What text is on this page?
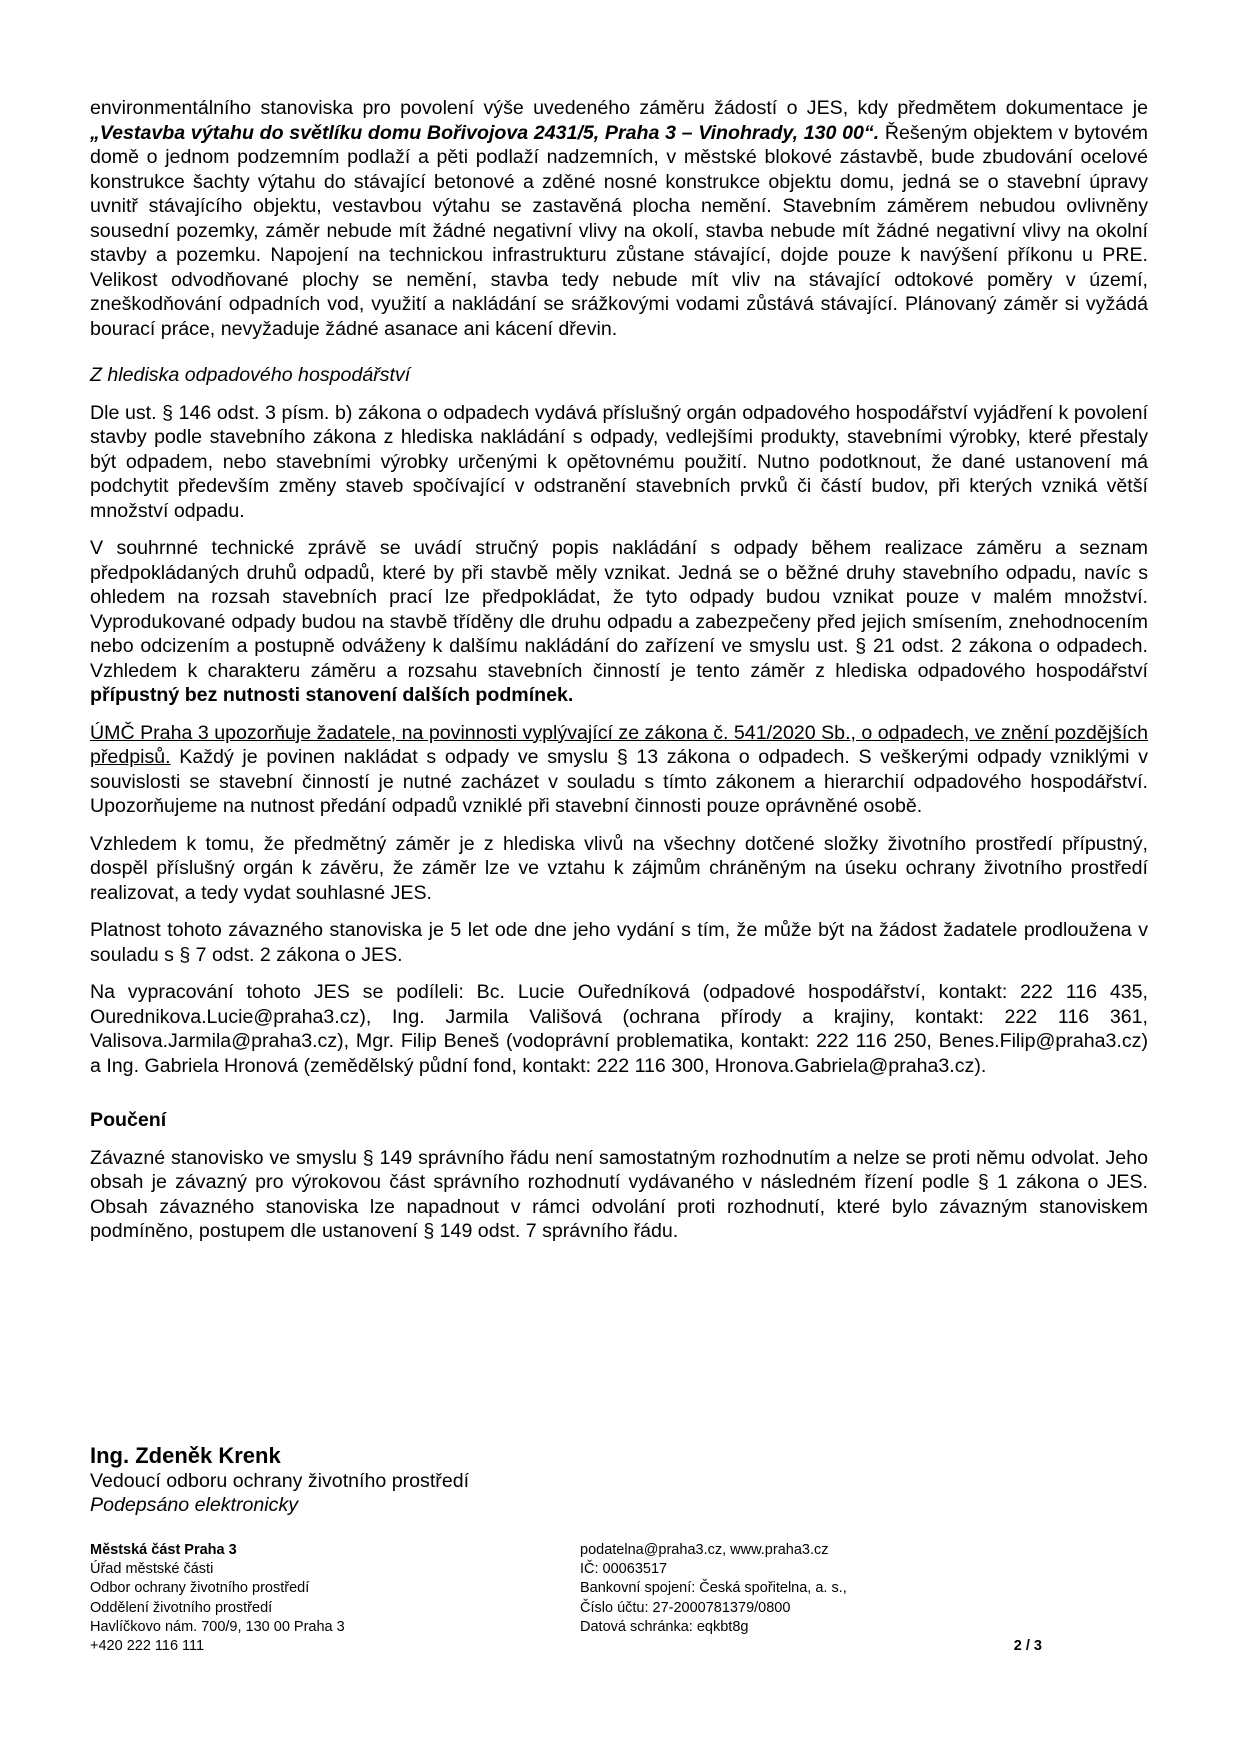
environmentálního stanoviska pro povolení výše uvedeného záměru žádostí o JES, kdy předmětem dokumentace je „Vestavba výtahu do světlíku domu Bořivojova 2431/5, Praha 3 – Vinohrady, 130 00“. Řešeným objektem v bytovém domě o jednom podzemním podlaží a pěti podlaží nadzemních, v městské blokové zástavbě, bude zbudování ocelové konstrukce šachty výtahu do stávající betonové a zděné nosné konstrukce objektu domu, jedná se o stavební úpravy uvnitř stávajícího objektu, vestavbou výtahu se zastavěná plocha nemění. Stavebním záměrem nebudou ovlivněny sousední pozemky, záměr nebude mít žádné negativní vlivy na okolí, stavba nebude mít žádné negativní vlivy na okolní stavby a pozemku. Napojení na technickou infrastrukturu zůstane stávající, dojde pouze k navýšení příkonu u PRE. Velikost odvodňované plochy se nemění, stavba tedy nebude mít vliv na stávající odtokové poměry v území, zneškodňování odpadních vod, využití a nakládání se srážkovými vodami zůstává stávající. Plánovaný záměr si vyžádá bourací práce, nevyžaduje žádné asanace ani kácení dřevin.

Z hlediska odpadového hospodářství

Dle ust. § 146 odst. 3 písm. b) zákona o odpadech vydává příslušný orgán odpadového hospodářství vyjádření k povolení stavby podle stavebního zákona z hlediska nakládání s odpady, vedlejšími produkty, stavebními výrobky, které přestaly být odpadem, nebo stavebními výrobky určenými k opětovnému použití. Nutno podotknout, že dané ustanovení má podchytit především změny staveb spočívající v odstranění stavebních prvků či částí budov, při kterých vzniká větší množství odpadu.

V souhrnné technické zprávě se uvádí stručný popis nakládání s odpady během realizace záměru a seznam předpokládaných druhů odpadů, které by při stavbě měly vznikat. Jedná se o běžné druhy stavebního odpadu, navíc s ohledem na rozsah stavebních prací lze předpokládat, že tyto odpady budou vznikat pouze v malém množství. Vyprodukované odpady budou na stavbě tříděny dle druhu odpadu a zabezpečeny před jejich smísením, znehodnocením nebo odcizením a postupně odváženy k dalšímu nakládání do zařízení ve smyslu ust. § 21 odst. 2 zákona o odpadech. Vzhledem k charakteru záměru a rozsahu stavebních činností je tento záměr z hlediska odpadového hospodářství přípustný bez nutnosti stanovení dalších podmínek.

ÚMČ Praha 3 upozorňuje žadatele, na povinnosti vyplývající ze zákona č. 541/2020 Sb., o odpadech, ve znění pozdějších předpisů. Každý je povinen nakládat s odpady ve smyslu § 13 zákona o odpadech. S veškerými odpady vzniklými v souvislosti se stavební činností je nutné zacházet v souladu s tímto zákonem a hierarchií odpadového hospodářství. Upozorňujeme na nutnost předání odpadů vzniklé při stavební činnosti pouze oprávněné osobě.

Vzhledem k tomu, že předmětný záměr je z hlediska vlivů na všechny dotčené složky životního prostředí přípustný, dospěl příslušný orgán k závěru, že záměr lze ve vztahu k zájmům chráněným na úseku ochrany životního prostředí realizovat, a tedy vydat souhlasné JES.

Platnost tohoto závazného stanoviska je 5 let ode dne jeho vydání s tím, že může být na žádost žadatele prodloužena v souladu s § 7 odst. 2 zákona o JES.

Na vypracování tohoto JES se podíleli: Bc. Lucie Ouředníková (odpadové hospodářství, kontakt: 222 116 435, Ourednikova.Lucie@praha3.cz), Ing. Jarmila Vališová (ochrana přírody a krajiny, kontakt: 222 116 361, Valisova.Jarmila@praha3.cz), Mgr. Filip Beneš (vodoprávní problematika, kontakt: 222 116 250, Benes.Filip@praha3.cz) a Ing. Gabriela Hronová (zemědělský půdní fond, kontakt: 222 116 300, Hronova.Gabriela@praha3.cz).

Poučení

Závazné stanovisko ve smyslu § 149 správního řádu není samostatným rozhodnutím a nelze se proti němu odvolat. Jeho obsah je závazný pro výrokovou část správního rozhodnutí vydávaného v následném řízení podle § 1 zákona o JES. Obsah závazného stanoviska lze napadnout v rámci odvolání proti rozhodnutí, které bylo závazným stanoviskem podmíněno, postupem dle ustanovení § 149 odst. 7 správního řádu.

Ing. Zdeněk Krenk
Vedoucí odboru ochrany životního prostředí
Podepsáno elektronicky
Městská část Praha 3
Úřad městské části
Odbor ochrany životního prostředí
Oddělení životního prostředí
Havlíčkovo nám. 700/9, 130 00 Praha 3
+420 222 116 111
podatelna@praha3.cz, www.praha3.cz
IČ: 00063517
Bankovní spojení: Česká spořitelna, a. s.,
Číslo účtu: 27-2000781379/0800
Datová schránka: eqkbt8g
2 / 3
